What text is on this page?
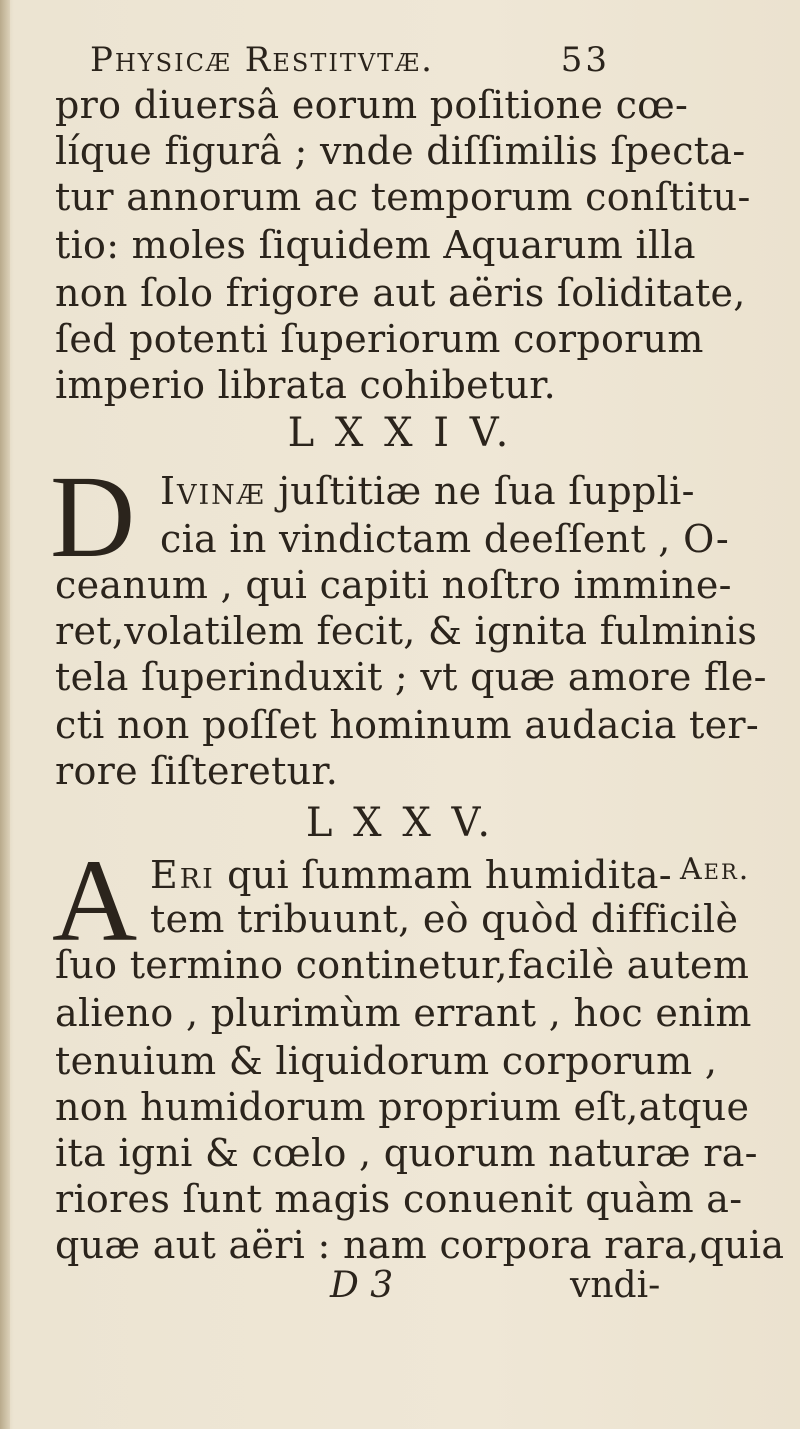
Physicæ Restitvtæ.	53
pro diuersâ eorum poſitione cœ-
líque figurâ ; vnde diſſimilis ſpecta-
tur annorum ac temporum conſtitu-
tio: moles ſiquidem Aquarum illa
non ſolo frigore aut aëris ſoliditate,
ſed potenti ſuperiorum corporum
imperio librata cohibetur.
L X X I V.
D Ivinæ juſtitiæ ne ſua ſuppli-
cia in vindictam deeſſent , O-
ceanum , qui capiti noſtro immine-
ret,volatilem fecit, & ignita fulminis
tela ſuperinduxit ; vt quæ amore fle-
cti non poſſet hominum audacia ter-
rore ſiſteretur.
L X X V.
A Eri qui ſummam humidita-
tem tribuunt, eò quòd difficilè
ſuo termino continetur,facilè autem
alieno , plurimùm errant , hoc enim
tenuium & liquidorum corporum ,
non humidorum proprium eſt,atque
ita igni & cœlo , quorum naturæ ra-
riores ſunt magis conuenit quàm a-
quæ aut aëri : nam corpora rara,quia
Aer.
D 3	vndi-
